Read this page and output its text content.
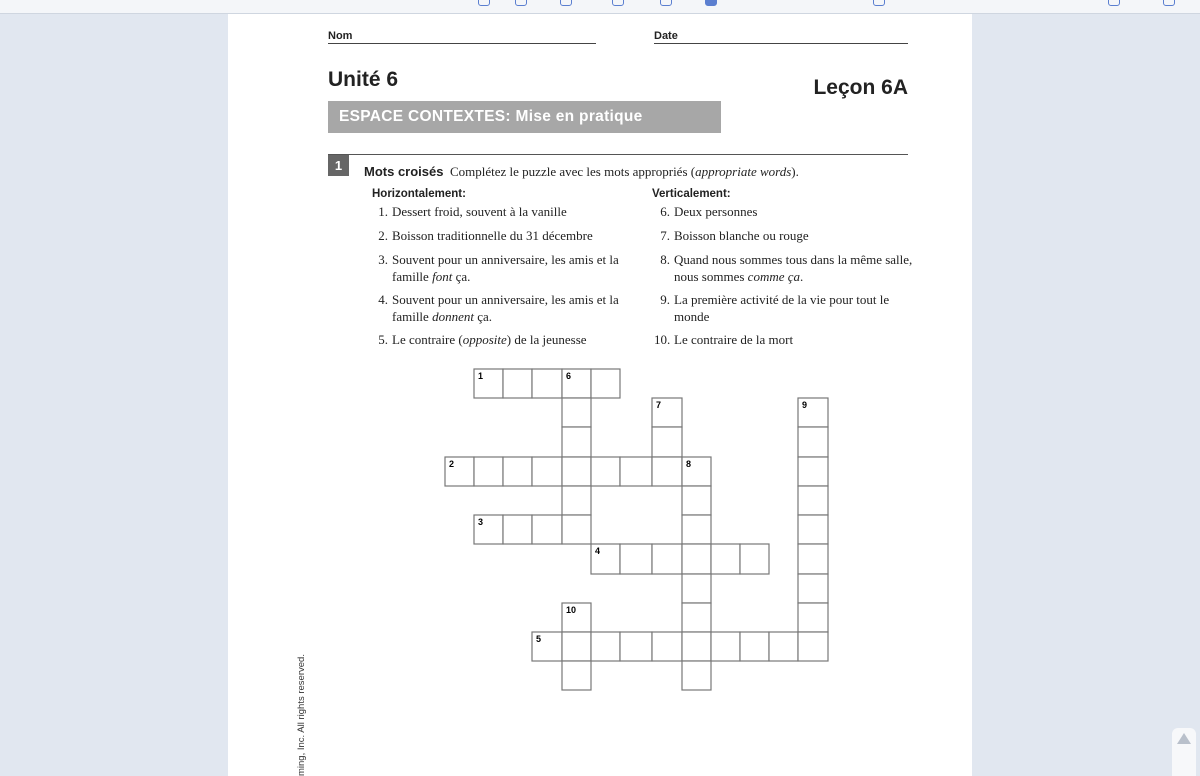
Nom	Date
Unité 6	Leçon 6A
ESPACE CONTEXTES: Mise en pratique
1	Mots croisés Complétez le puzzle avec les mots appropriés (appropriate words).
Horizontalement:	Verticalement:
1. Dessert froid, souvent à la vanille
2. Boisson traditionnelle du 31 décembre
3. Souvent pour un anniversaire, les amis et la famille font ça.
4. Souvent pour un anniversaire, les amis et la famille donnent ça.
5. Le contraire (opposite) de la jeunesse
6. Deux personnes
7. Boisson blanche ou rouge
8. Quand nous sommes tous dans la même salle, nous sommes comme ça.
9. La première activité de la vie pour tout le monde
10. Le contraire de la mort
1	6
7	9
2	8
3
4
10
5
ming, Inc. All rights reserved.
